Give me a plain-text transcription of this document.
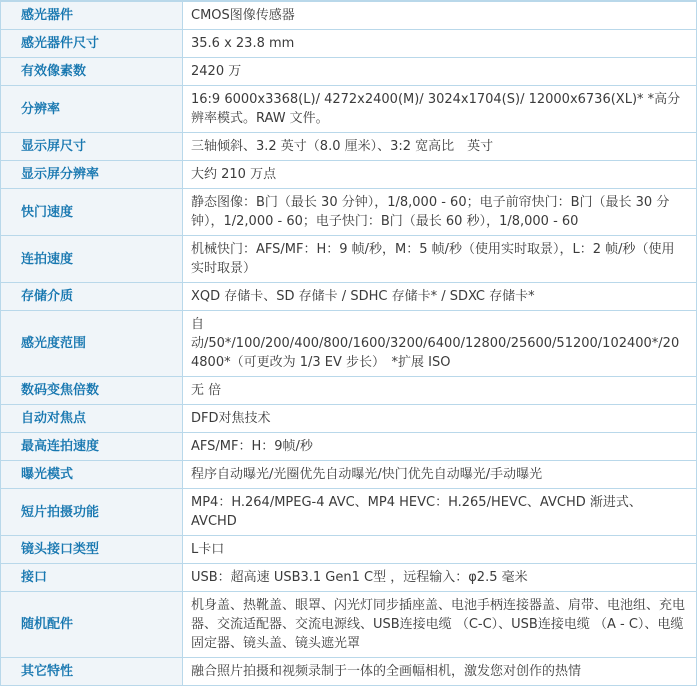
感光器件	CMOS图像传感器
感光器件尺寸	35.6 x 23.8 mm
有效像素数	2420 万
分辨率	16:9 6000x3368(L)/ 4272x2400(M)/ 3024x1704(S)/ 12000x6736(XL)* *高分辨率模式。RAW 文件。
显示屏尺寸	三轴倾斜、3.2 英寸（8.0 厘米）、3:2 宽高比　英寸
显示屏分辨率	大约 210 万点
快门速度	静态图像：B门（最长 30 分钟），1/8,000 - 60；电子前帘快门：B门（最长 30 分钟），1/2,000 - 60；电子快门：B门（最长 60 秒），1/8,000 - 60
连拍速度	机械快门：AFS/MF：H：9 帧/秒，M：5 帧/秒（使用实时取景），L：2 帧/秒（使用实时取景）
存储介质	XQD 存储卡、SD 存储卡 / SDHC 存储卡* / SDXC 存储卡*
感光度范围	自动/50*/100/200/400/800/1600/3200/6400/12800/25600/51200/102400*/204800*（可更改为 1/3 EV 步长）　*扩展 ISO
数码变焦倍数	无 倍
自动对焦点	DFD对焦技术
最高连拍速度	AFS/MF：H：9帧/秒
曝光模式	程序自动曝光/光圈优先自动曝光/快门优先自动曝光/手动曝光
短片拍摄功能	MP4：H.264/MPEG-4 AVC、MP4 HEVC：H.265/HEVC、AVCHD 渐进式、AVCHD
镜头接口类型	L卡口
接口	USB：超高速 USB3.1 Gen1 C型 ，远程输入：φ2.5 毫米
随机配件	机身盖、热靴盖、眼罩、闪光灯同步插座盖、电池手柄连接器盖、肩带、电池组、充电器、交流适配器、交流电源线、USB连接电缆 （C-C）、USB连接电缆 （A - C）、电缆固定器、镜头盖、镜头遮光罩
其它特性	融合照片拍摄和视频录制于一体的全画幅相机，激发您对创作的热情
